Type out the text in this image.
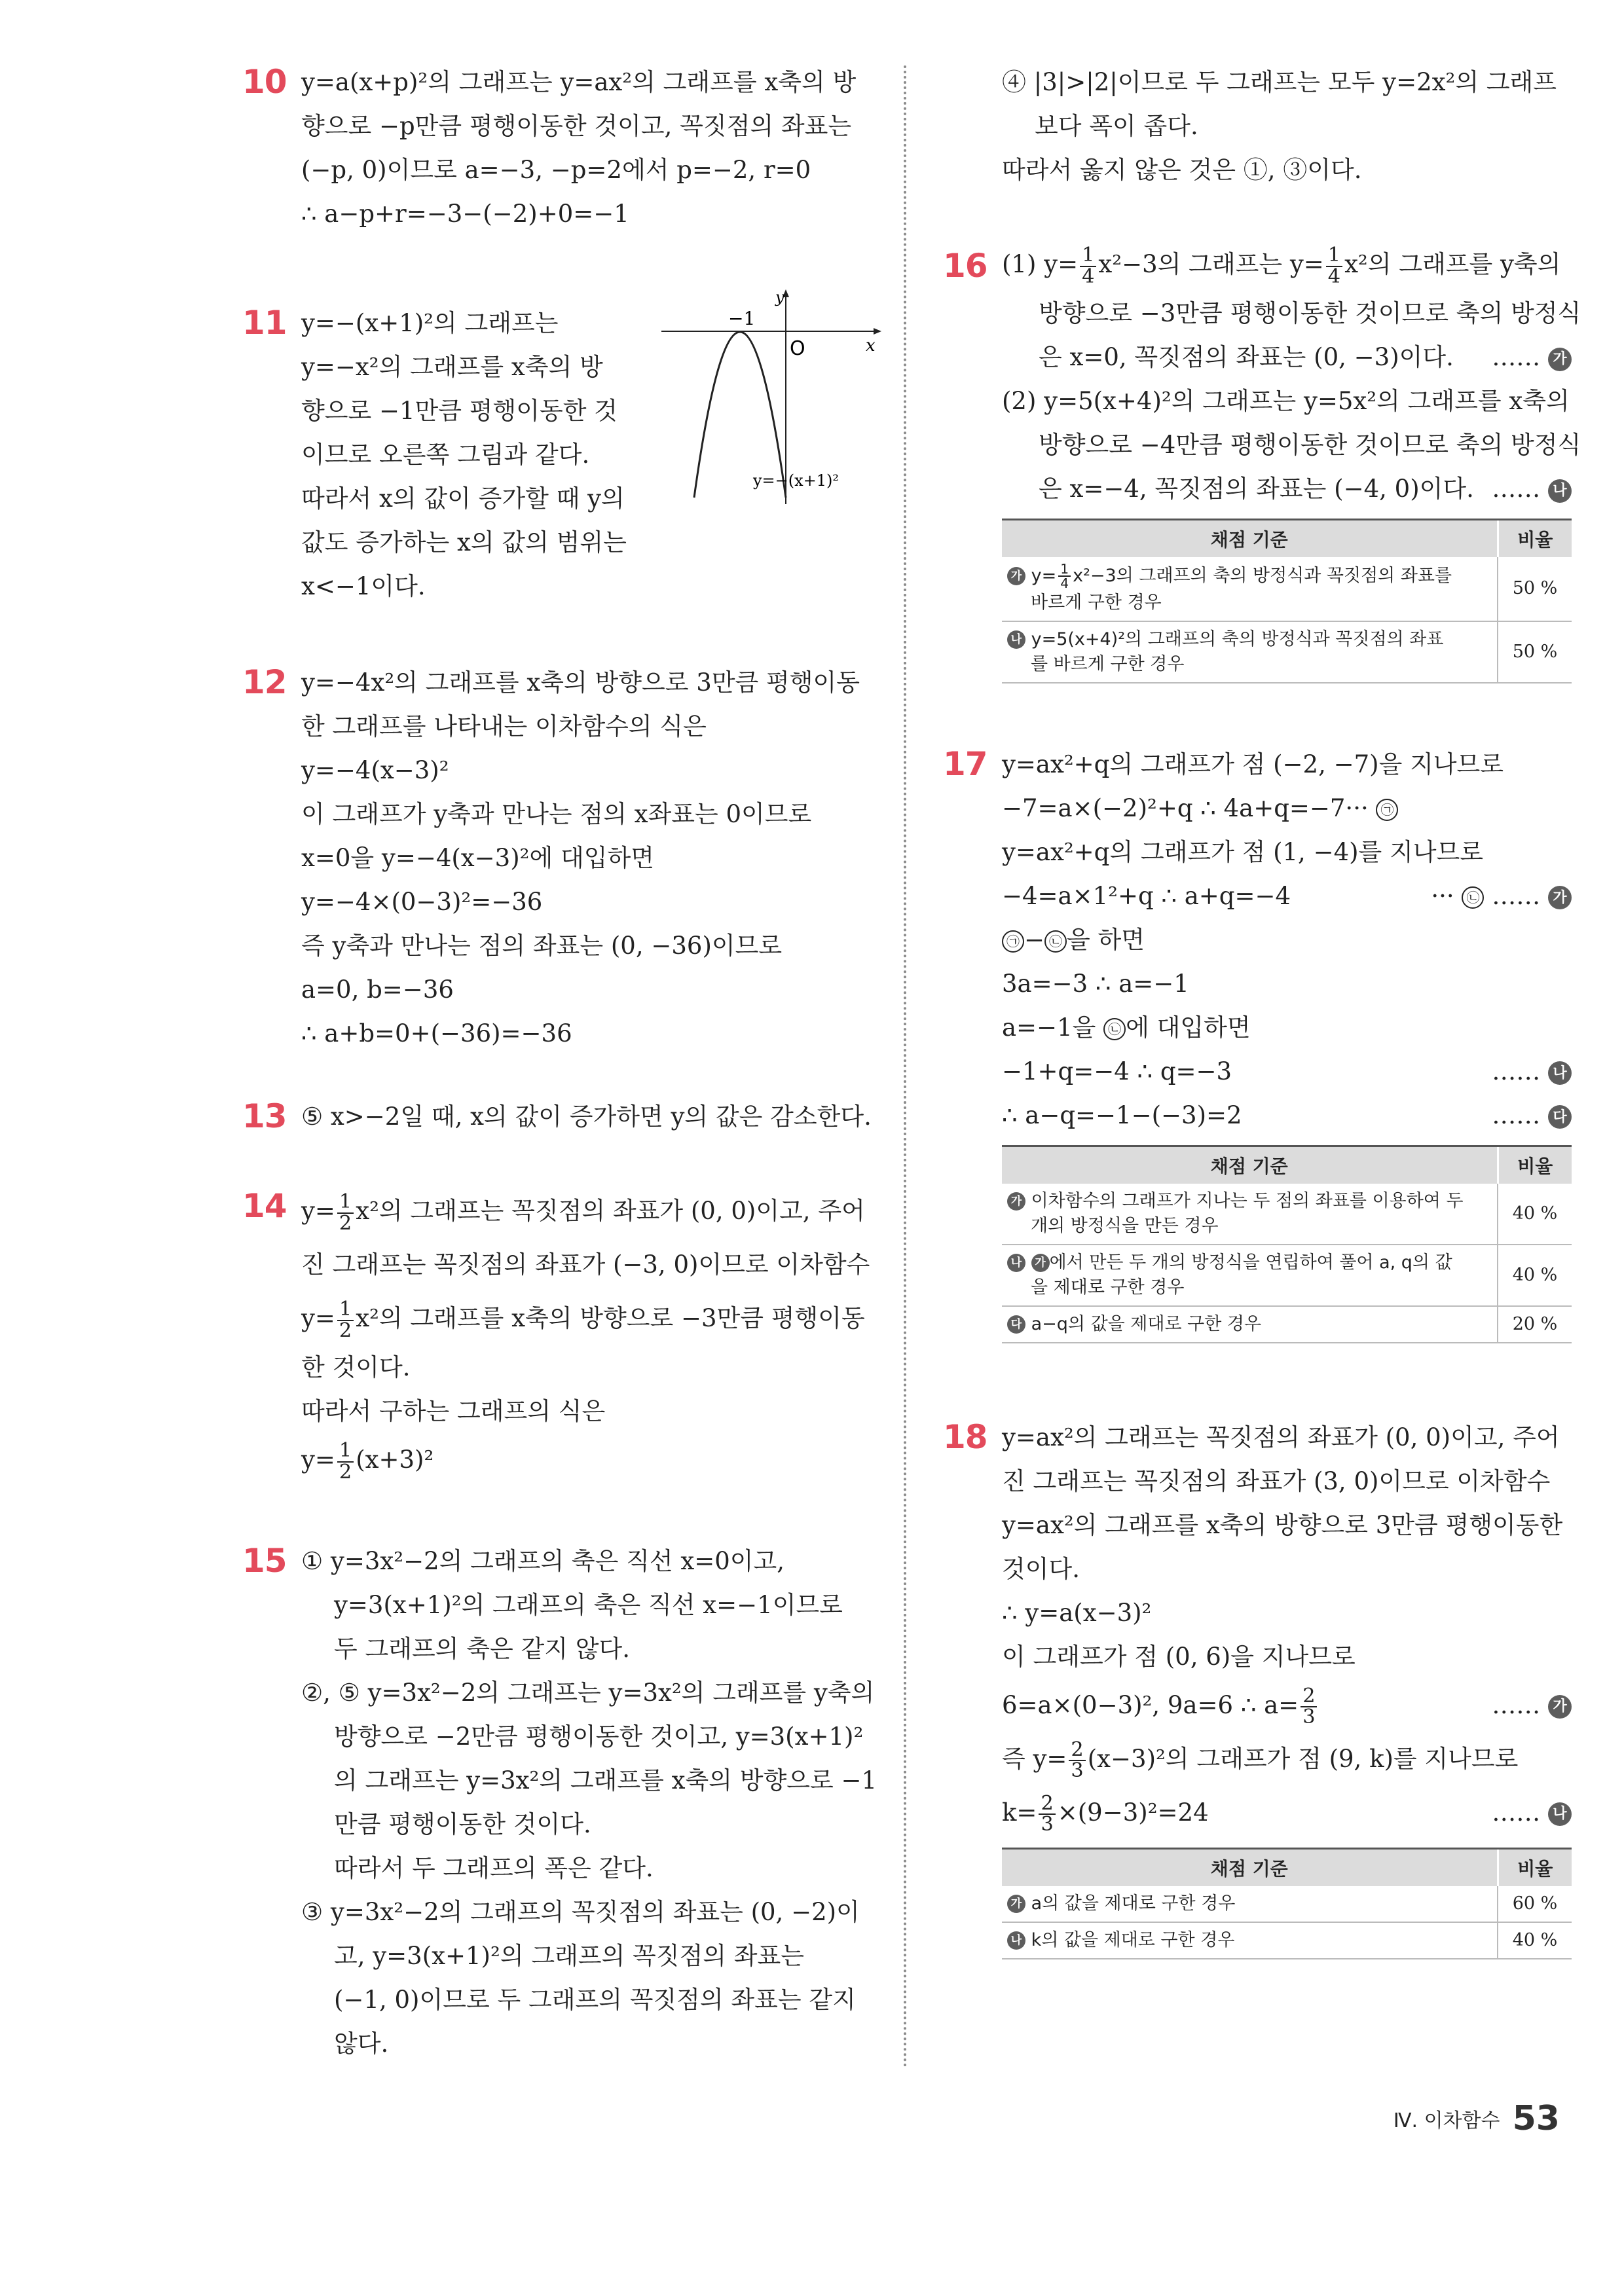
10 y=a(x+p)²의 그래프는 y=ax²의 그래프를 x축의 방
향으로 −p만큼 평행이동한 것이고, 꼭짓점의 좌표는
(−p, 0)이므로 a=−3, −p=2에서 p=−2, r=0
∴ a−p+r=−3−(−2)+0=−1
11 y=−(x+1)²의 그래프는
y=−x²의 그래프를 x축의 방
향으로 −1만큼 평행이동한 것
이므로 오른쪽 그림과 같다.
따라서 x의 값이 증가할 때 y의
값도 증가하는 x의 값의 범위는
x<−1이다.
y
x
O
−1
y=−(x+1)²
12 y=−4x²의 그래프를 x축의 방향으로 3만큼 평행이동
한 그래프를 나타내는 이차함수의 식은
y=−4(x−3)²
이 그래프가 y축과 만나는 점의 x좌표는 0이므로
x=0을 y=−4(x−3)²에 대입하면
y=−4×(0−3)²=−36
즉 y축과 만나는 점의 좌표는 (0, −36)이므로
a=0, b=−36
∴ a+b=0+(−36)=−36
13 ⑤ x>−2일 때, x의 값이 증가하면 y의 값은 감소한다.
14 $y= \frac{1}{2} x^2$의 그래프는 꼭짓점의 좌표가 (0, 0)이고, 주어
진 그래프는 꼭짓점의 좌표가 (−3, 0)이므로 이차함수
$y= \frac{1}{2} x^2$의 그래프를 x축의 방향으로 −3만큼 평행이동
한 것이다.
따라서 구하는 그래프의 식은
$y= \frac{1}{2} (x+3)^2$
15 ① y=3x²−2의 그래프의 축은 직선 x=0이고,
y=3(x+1)²의 그래프의 축은 직선 x=−1이므로
두 그래프의 축은 같지 않다.
②, ⑤ y=3x²−2의 그래프는 y=3x²의 그래프를 y축의
방향으로 −2만큼 평행이동한 것이고, y=3(x+1)²
의 그래프는 y=3x²의 그래프를 x축의 방향으로 −1
만큼 평행이동한 것이다.
따라서 두 그래프의 폭은 같다.
③ y=3x²−2의 그래프의 꼭짓점의 좌표는 (0, −2)이
고, y=3(x+1)²의 그래프의 꼭짓점의 좌표는
(−1, 0)이므로 두 그래프의 꼭짓점의 좌표는 같지
않다.
④ |3|>|2|이므로 두 그래프는 모두 y=2x²의 그래프
보다 폭이 좁다.
따라서 옳지 않은 것은 ①, ③이다.
16 (1) $y= \frac{1}{4} x^2-3$의 그래프는 $y= \frac{1}{4} x^2$의 그래프를 y축의
방향으로 −3만큼 평행이동한 것이므로 축의 방정식
은 x=0, 꼭짓점의 좌표는 (0, −3)이다. …… 가
(2) y=5(x+4)²의 그래프는 y=5x²의 그래프를 x축의
방향으로 −4만큼 평행이동한 것이므로 축의 방정식
은 x=−4, 꼭짓점의 좌표는 (−4, 0)이다. …… 나
채점 기준	비율
가 $y= \frac{1}{4} x^2-3$의 그래프의 축의 방정식과 꼭짓점의 좌표를
바르게 구한 경우	50 %
나 y=5(x+4)²의 그래프의 축의 방정식과 꼭짓점의 좌표
를 바르게 구한 경우	50 %
17 y=ax²+q의 그래프가 점 (−2, −7)을 지나므로
−7=a×(−2)²+q ∴ 4a+q=−7··· ㉠
y=ax²+q의 그래프가 점 (1, −4)를 지나므로
−4=a×1²+q ∴ a+q=−4	··· ㉡ …… 가
㉠ − ㉡ 을 하면
3a=−3 ∴ a=−1
a=−1을 ㉡ 에 대입하면
−1+q=−4 ∴ q=−3	…… 나
∴ a−q=−1−(−3)=2	…… 다
채점 기준	비율
가 이차함수의 그래프가 지나는 두 점의 좌표를 이용하여 두
개의 방정식을 만든 경우	40 %
나 가 에서 만든 두 개의 방정식을 연립하여 풀어 a, q의 값
을 제대로 구한 경우	40 %
다 a−q의 값을 제대로 구한 경우	20 %
18 y=ax²의 그래프는 꼭짓점의 좌표가 (0, 0)이고, 주어
진 그래프는 꼭짓점의 좌표가 (3, 0)이므로 이차함수
y=ax²의 그래프를 x축의 방향으로 3만큼 평행이동한
것이다.
∴ y=a(x−3)²
이 그래프가 점 (0, 6)을 지나므로
6=a×(0−3)², 9a=6 ∴ $a= \frac{2}{3}$	…… 가
즉 $y= \frac{2}{3} (x-3)^2$의 그래프가 점 (9, k)를 지나므로
$k= \frac{2}{3} \times(9-3)^2=24$	…… 나
채점 기준	비율
가 a의 값을 제대로 구한 경우	60 %
나 k의 값을 제대로 구한 경우	40 %
Ⅳ. 이차함수 53
